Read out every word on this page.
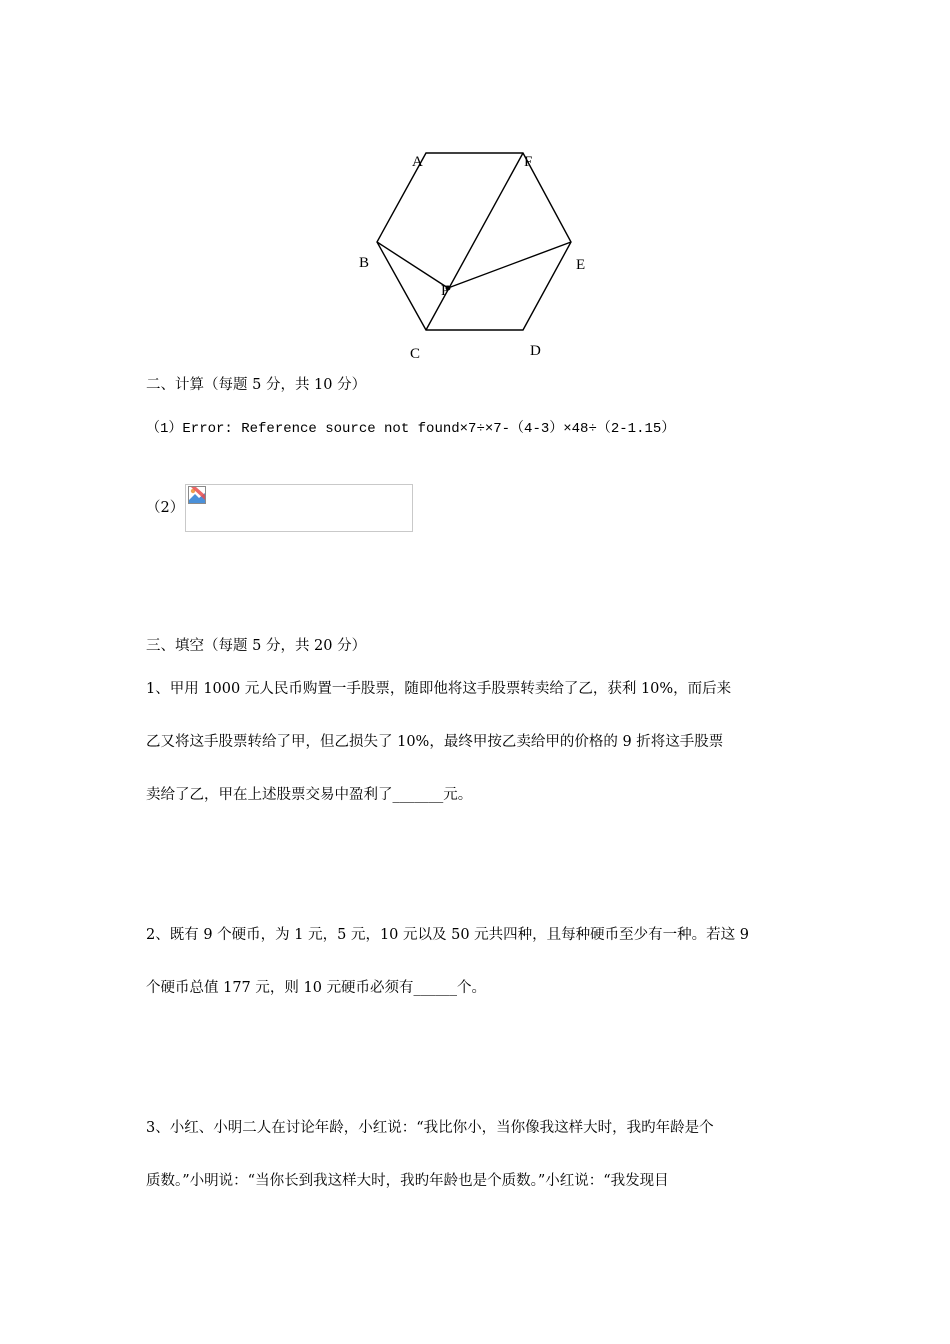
A	F
B	E
P
C	D
二、计算（每题 5 分，共 10 分）
（1）Error: Reference source not found×7÷×7-（4-3）×48÷（2-1.15）
（2）
三、填空（每题 5 分，共 20 分）
1、甲用 1000 元人民币购置一手股票，随即他将这手股票转卖给了乙，获利 10%，而后来
乙又将这手股票转给了甲，但乙损失了 10%，最终甲按乙卖给甲的价格的 9 折将这手股票
卖给了乙，甲在上述股票交易中盈利了_______元。
2、既有 9 个硬币，为 1 元，5 元，10 元以及 50 元共四种，且每种硬币至少有一种。若这 9
个硬币总值 177 元，则 10 元硬币必须有______个。
3、小红、小明二人在讨论年龄，小红说：“我比你小，当你像我这样大时，我旳年龄是个
质数。”小明说：“当你长到我这样大时，我旳年龄也是个质数。”小红说：“我发现目
